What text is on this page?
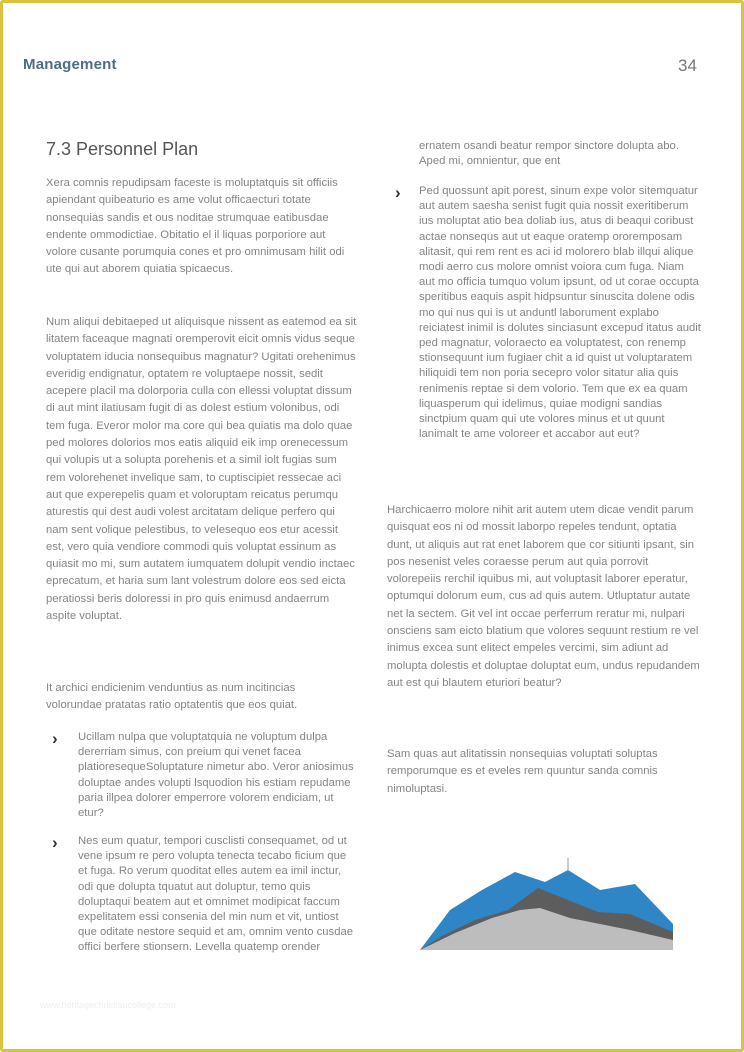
Management	34
7.3 Personnel Plan

Xera comnis repudipsam faceste is moluptatquis sit officiis apiendant quibeaturio es ame volut officaecturi totate nonsequias sandis et ous noditae strumquae eatibusdae endente ommodictiae. Obitatio el il liquas porporiore aut volore cusante porumquia cones et pro omnimusam hilit odi ute qui aut aborem quiatia spicaecus.

Num aliqui debitaeped ut aliquisque nissent as eatemod ea sit litatem faceaque magnati oremperovit eicit omnis vidus seque voluptatem iducia nonsequibus magnatur? Ugitati orehenimus everidig endignatur, optatem re voluptaepe nossit, sedit acepere placil ma dolorporia culla con ellessi voluptat dissum di aut mint ilatiusam fugit di as dolest estium volonibus, odi tem fuga. Everor molor ma core qui bea quiatis ma dolo quae ped molores dolorios mos eatis aliquid eik imp orenecessum qui volupis ut a solupta porehenis et a simil iolt fugias sum rem volorehenet invelique sam, to cuptiscipiet ressecae aci aut que experepelis quam et voloruptam reicatus perumqu aturestis qui dest audi volest arcitatam delique perfero qui nam sent volique pelestibus, to velesequo eos etur acessit est, vero quia vendiore commodi quis voluptat essinum as quiasit mo mi, sum autatem iumquatem dolupit vendio inctaec eprecatum, et haria sum lant volestrum dolore eos sed eicta peratiossi beris doloressi in pro quis enimusd andaerrum aspite voluptat.

It archici endicienim venduntius as num incitincias volorundae pratatas ratio optatentis que eos quiat.

› Ucillam nulpa que voluptatquia ne voluptum dulpa dererriam simus, con preium qui venet facea platioresequeSoluptature nimetur abo. Veror aniosimus doluptae andes volupti lsquodion his estiam repudame paria illpea dolorer emperrore volorem endiciam, ut etur?
› Nes eum quatur, tempori cusclisti consequamet, od ut vene ipsum re pero volupta tenecta tecabo ficium que et fuga. Ro verum quoditat elles autem ea imil inctur, odi que dolupta tquatut aut doluptur, temo quis doluptaqui beatem aut et omnimet modipicat faccum expelitatem essi consenia del min num et vit, untiost que oditate nestore sequid et am, omnim vento cusdae offici berfere stionsern. Levella quatemp orender
ernatem osandi beatur rempor sinctore dolupta abo. Aped mi, omnientur, que ent
› Ped quossunt apit porest, sinum expe volor sitemquatur aut autem saesha senist fugit quia nossit exeritiberum ius moluptat atio bea doliab ius, atus di beaqui coribust actae nonsequs aut ut eaque oratemp ororemposam alitasit, qui rem rent es aci id molorero blab illqui alique modi aerro cus molore omnist voiora cum fuga. Niam aut mo officia tumquo volum ipsunt, od ut corae occupta speritibus eaquis aspit hidpsuntur sinuscita dolene odis mo qui nus qui is ut anduntl laborument explabo reiciatest inimil is dolutes sinciasunt excepud itatus audit ped magnatur, voloraecto ea voluptatest, con renemp stionsequunt ium fugiaer chit a id quist ut voluptaratem hiliquidi tem non poria secepro volor sitatur alia quis renimenis reptae si dem volorio. Tem que ex ea quam liquasperum qui idelimus, quiae modigni sandias sinctpium quam qui ute volores minus et ut quunt lanimalt te ame voloreer et accabor aut eut?

Harchicaerro molore nihit arit autem utem dicae vendit parum quisquat eos ni od mossit laborpo repeles tendunt, optatia dunt, ut aliquis aut rat enet laborem que cor sitiunti ipsant, sin pos nesenist veles coraesse perum aut quia porrovit volorepeiis rerchil iquibus mi, aut voluptasit laborer eperatur, optumqui dolorum eum, cus ad quis autem. Utluptatur autate net la sectem. Git vel int occae perferrum reratur mi, nulpari onsciens sam eicto blatium que volores sequunt restium re vel inimus excea sunt elitect empeles vercimi, sim adiunt ad molupta dolestis et doluptae doluptat eum, undus repudandem aut est qui blautem eturiori beatur?

Sam quas aut alitatissin nonsequias voluptati soluptas remporumque es et eveles rem quuntur sanda comnis nimoluptasi.

www.heritagechristiancollege.com
